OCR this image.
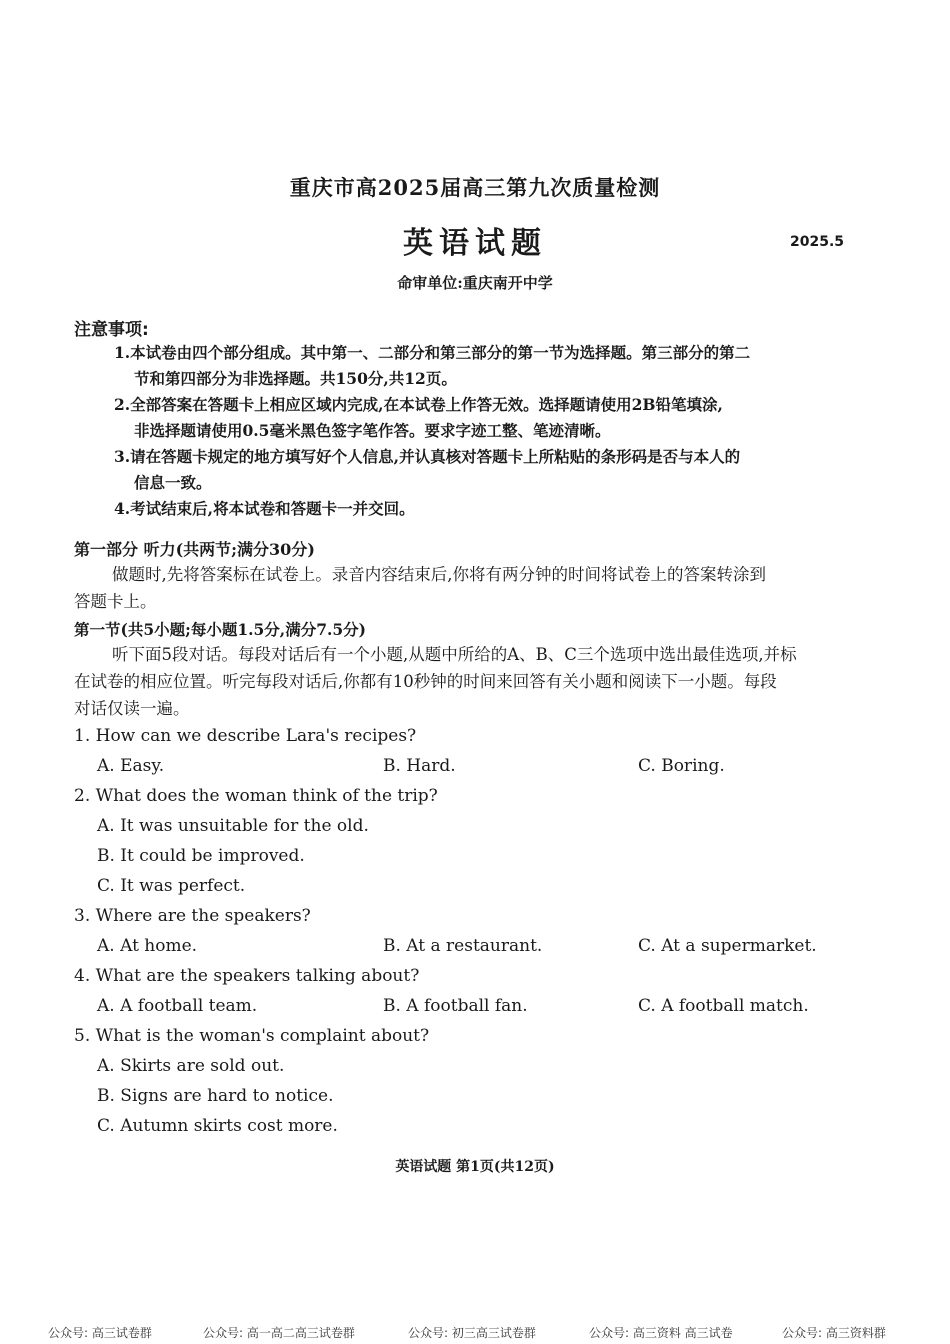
重庆市高2025届高三第九次质量检测
英语试题	2025.5
命审单位:重庆南开中学
注意事项:
1.本试卷由四个部分组成。其中第一、二部分和第三部分的第一节为选择题。第三部分的第二
节和第四部分为非选择题。共150分,共12页。
2.全部答案在答题卡上相应区域内完成,在本试卷上作答无效。选择题请使用2B铅笔填涂,
非选择题请使用0.5毫米黑色签字笔作答。要求字迹工整、笔迹清晰。
3.请在答题卡规定的地方填写好个人信息,并认真核对答题卡上所粘贴的条形码是否与本人的
信息一致。
4.考试结束后,将本试卷和答题卡一并交回。
第一部分 听力(共两节;满分30分)
做题时,先将答案标在试卷上。录音内容结束后,你将有两分钟的时间将试卷上的答案转涂到
答题卡上。
第一节(共5小题;每小题1.5分,满分7.5分)
听下面5段对话。每段对话后有一个小题,从题中所给的A、B、C三个选项中选出最佳选项,并标
在试卷的相应位置。听完每段对话后,你都有10秒钟的时间来回答有关小题和阅读下一小题。每段
对话仅读一遍。
1. How can we describe Lara's recipes?
A. Easy.	B. Hard.	C. Boring.
2. What does the woman think of the trip?
A. It was unsuitable for the old.
B. It could be improved.
C. It was perfect.
3. Where are the speakers?
A. At home.	B. At a restaurant.	C. At a supermarket.
4. What are the speakers talking about?
A. A football team.	B. A football fan.	C. A football match.
5. What is the woman's complaint about?
A. Skirts are sold out.
B. Signs are hard to notice.
C. Autumn skirts cost more.
英语试题 第1页(共12页)
公众号: 高三试卷群	公众号: 高一高二高三试卷群	公众号: 初三高三试卷群	公众号: 高三资料 高三试卷	公众号: 高三资料群
